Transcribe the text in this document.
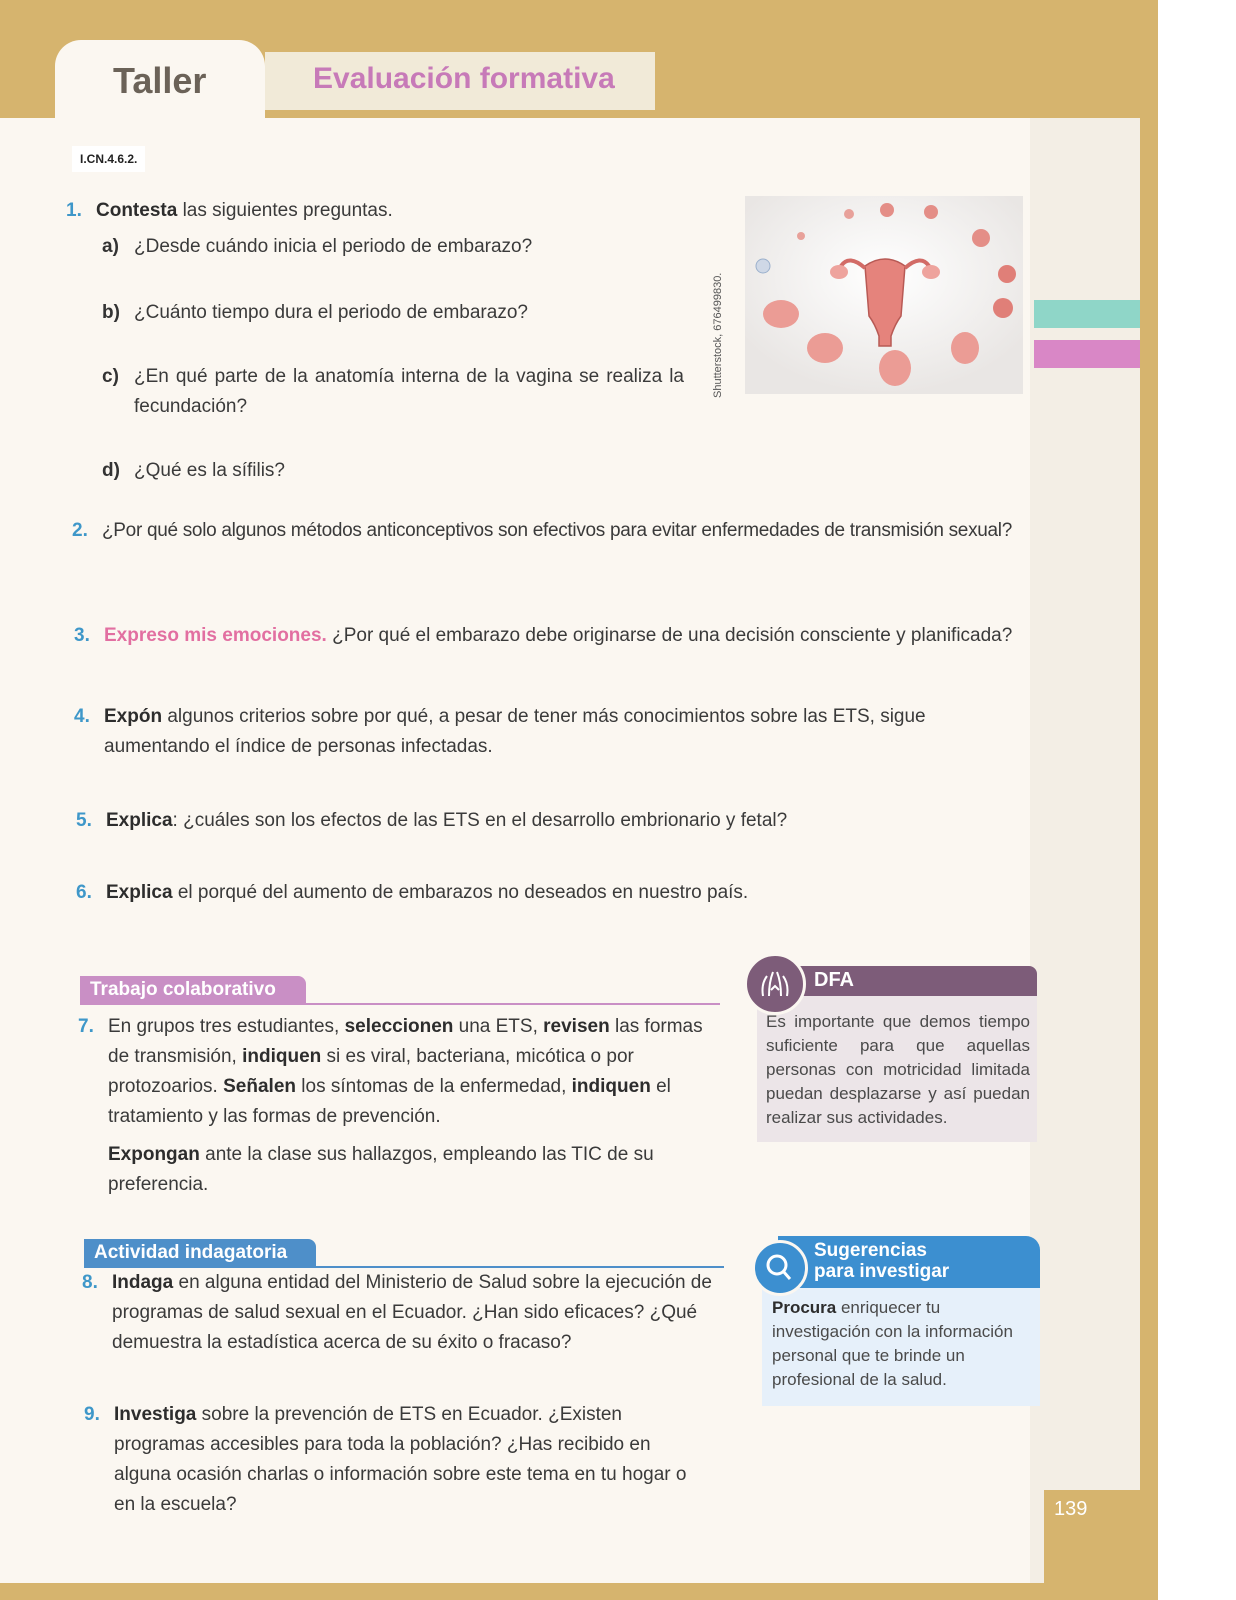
Taller	Evaluación formativa
I.CN.4.6.2.
1. Contesta las siguientes preguntas.
a) ¿Desde cuándo inicia el periodo de embarazo?
b) ¿Cuánto tiempo dura el periodo de embarazo?
c) ¿En qué parte de la anatomía interna de la vagina se realiza la fecundación?
d) ¿Qué es la sífilis?
Shutterstock, 676499830.
2. ¿Por qué solo algunos métodos anticonceptivos son efectivos para evitar enfermedades de transmisión sexual?
3. Expreso mis emociones. ¿Por qué el embarazo debe originarse de una decisión consciente y planificada?
4. Expón algunos criterios sobre por qué, a pesar de tener más conocimientos sobre las ETS, sigue aumentando el índice de personas infectadas.
5. Explica: ¿cuáles son los efectos de las ETS en el desarrollo embrionario y fetal?
6. Explica el porqué del aumento de embarazos no deseados en nuestro país.
Trabajo colaborativo
7. En grupos tres estudiantes, seleccionen una ETS, revisen las formas de transmisión, indiquen si es viral, bacteriana, micótica o por protozoarios. Señalen los síntomas de la enfermedad, indiquen el tratamiento y las formas de prevención.
Exponga​n ante la clase sus hallazgos, empleando las TIC de su preferencia.
DFA
Es importante que demos tiempo suficiente para que aquellas personas con motricidad limitada puedan desplazarse y así puedan realizar sus actividades.
Actividad indagatoria
8. Indaga en alguna entidad del Ministerio de Salud sobre la ejecución de programas de salud sexual en el Ecuador. ¿Han sido eficaces? ¿Qué demuestra la estadística acerca de su éxito o fracaso?
9. Investiga sobre la prevención de ETS en Ecuador. ¿Existen programas accesibles para toda la población? ¿Has recibido en alguna ocasión charlas o información sobre este tema en tu hogar o en la escuela?
Sugerencias
para investigar
Procura enriquecer tu investigación con la información personal que te brinde un profesional de la salud.
139
